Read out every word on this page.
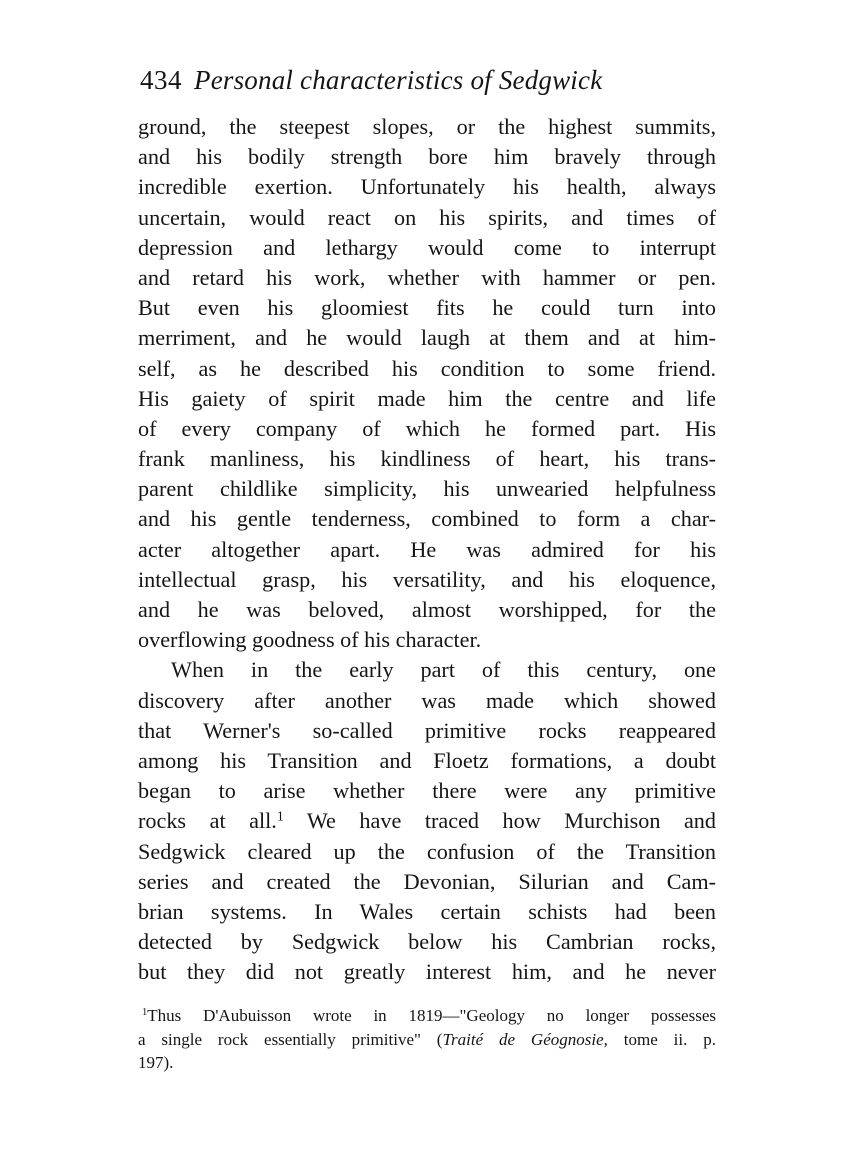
434 Personal characteristics of Sedgwick
ground, the steepest slopes, or the highest summits,
and his bodily strength bore him bravely through
incredible exertion. Unfortunately his health, always
uncertain, would react on his spirits, and times of
depression and lethargy would come to interrupt
and retard his work, whether with hammer or pen.
But even his gloomiest fits he could turn into
merriment, and he would laugh at them and at him-
self, as he described his condition to some friend.
His gaiety of spirit made him the centre and life
of every company of which he formed part. His
frank manliness, his kindliness of heart, his trans-
parent childlike simplicity, his unwearied helpfulness
and his gentle tenderness, combined to form a char-
acter altogether apart. He was admired for his
intellectual grasp, his versatility, and his eloquence,
and he was beloved, almost worshipped, for the
overflowing goodness of his character.
When in the early part of this century, one
discovery after another was made which showed
that Werner's so-called primitive rocks reappeared
among his Transition and Floetz formations, a doubt
began to arise whether there were any primitive
rocks at all.$^1$ We have traced how Murchison and
Sedgwick cleared up the confusion of the Transition
series and created the Devonian, Silurian and Cam-
brian systems. In Wales certain schists had been
detected by Sedgwick below his Cambrian rocks,
but they did not greatly interest him, and he never
$^1$Thus D'Aubuisson wrote in 1819—"Geology no longer possesses
a single rock essentially primitive" (Traité de Géognosie, tome ii. p.
197).
